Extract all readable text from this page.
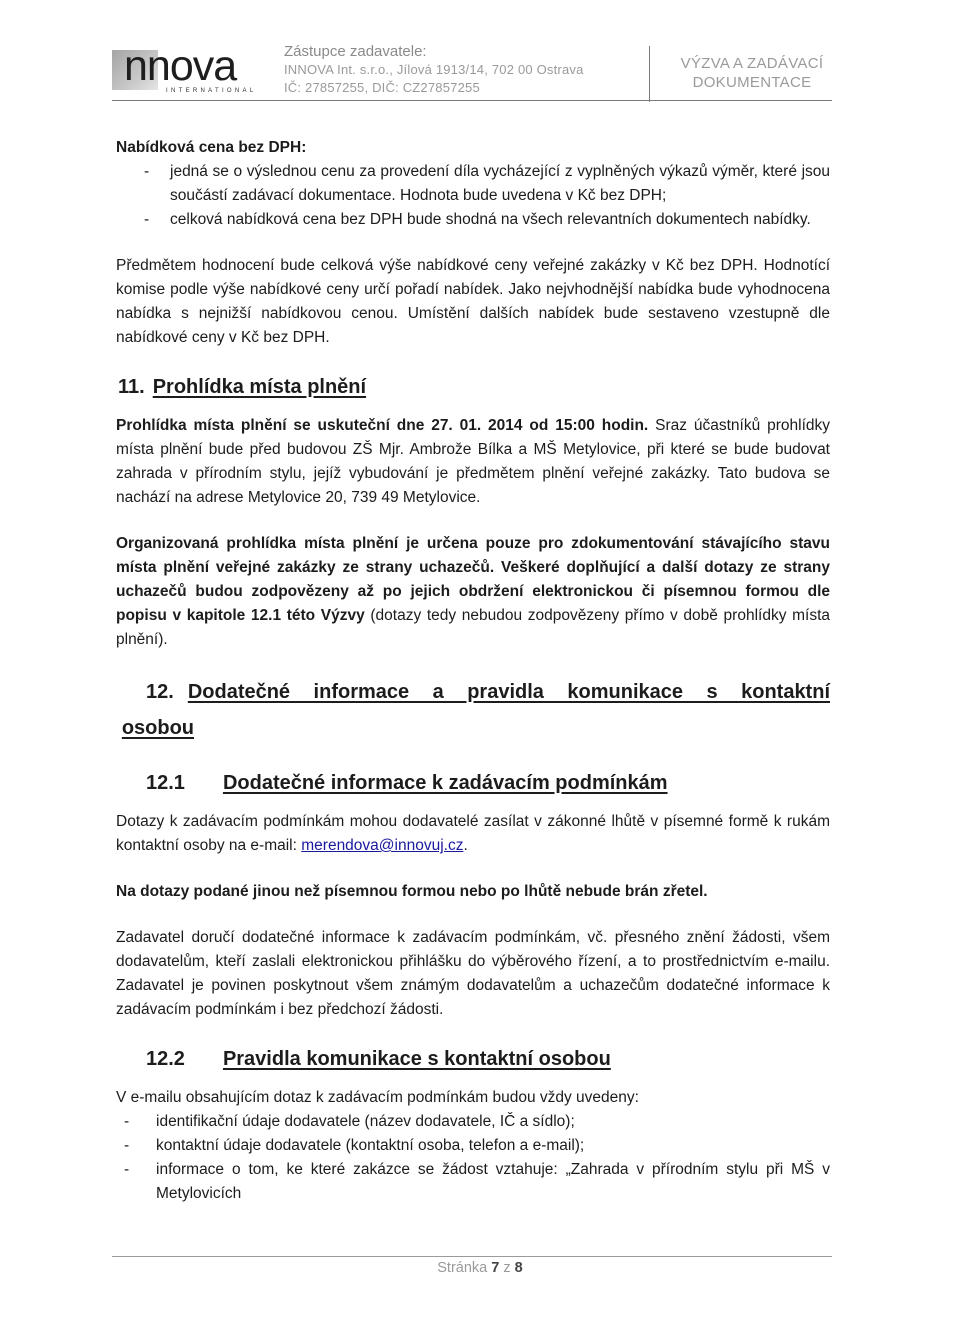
nnova
INTERNATIONAL
Zástupce zadavatele:
INNOVA Int. s.r.o., Jílová 1913/14, 702 00 Ostrava
IČ: 27857255, DIČ: CZ27857255
VÝZVA A ZADÁVACÍ
DOKUMENTACE

Nabídková cena bez DPH:

- jedná se o výslednou cenu za provedení díla vycházející z vyplněných výkazů výměr, které jsou součástí zadávací dokumentace. Hodnota bude uvedena v Kč bez DPH;
- celková nabídková cena bez DPH bude shodná na všech relevantních dokumentech nabídky.

Předmětem hodnocení bude celková výše nabídkové ceny veřejné zakázky v Kč bez DPH. Hodnotící komise podle výše nabídkové ceny určí pořadí nabídek. Jako nejvhodnější nabídka bude vyhodnocena nabídka s nejnižší nabídkovou cenou. Umístění dalších nabídek bude sestaveno vzestupně dle nabídkové ceny v Kč bez DPH.

11. Prohlídka místa plnění

Prohlídka místa plnění se uskuteční dne 27. 01. 2014 od 15:00 hodin. Sraz účastníků prohlídky místa plnění bude před budovou ZŠ Mjr. Ambrože Bílka a MŠ Metylovice, při které se bude budovat zahrada v přírodním stylu, jejíž vybudování je předmětem plnění veřejné zakázky. Tato budova se nachází na adrese Metylovice 20, 739 49 Metylovice.

Organizovaná prohlídka místa plnění je určena pouze pro zdokumentování stávajícího stavu místa plnění veřejné zakázky ze strany uchazečů. Veškeré doplňující a další dotazy ze strany uchazečů budou zodpovězeny až po jejich obdržení elektronickou či písemnou formou dle popisu v kapitole 12.1 této Výzvy (dotazy tedy nebudou zodpovězeny přímo v době prohlídky místa plnění).

12. Dodatečné informace a pravidla komunikace s kontaktní
osobou
12.1 Dodatečné informace k zadávacím podmínkám

Dotazy k zadávacím podmínkám mohou dodavatelé zasílat v zákonné lhůtě v písemné formě k rukám kontaktní osoby na e-mail: merendova@innovuj.cz.

Na dotazy podané jinou než písemnou formou nebo po lhůtě nebude brán zřetel.

Zadavatel doručí dodatečné informace k zadávacím podmínkám, vč. přesného znění žádosti, všem dodavatelům, kteří zaslali elektronickou přihlášku do výběrového řízení, a to prostřednictvím e-mailu. Zadavatel je povinen poskytnout všem známým dodavatelům a uchazečům dodatečné informace k zadávacím podmínkám i bez předchozí žádosti.

12.2 Pravidla komunikace s kontaktní osobou

V e-mailu obsahujícím dotaz k zadávacím podmínkám budou vždy uvedeny:

- identifikační údaje dodavatele (název dodavatele, IČ a sídlo);
- kontaktní údaje dodavatele (kontaktní osoba, telefon a e-mail);
- informace o tom, ke které zakázce se žádost vztahuje: „Zahrada v přírodním stylu při MŠ v Metylovicích
Stránka 7 z 8
